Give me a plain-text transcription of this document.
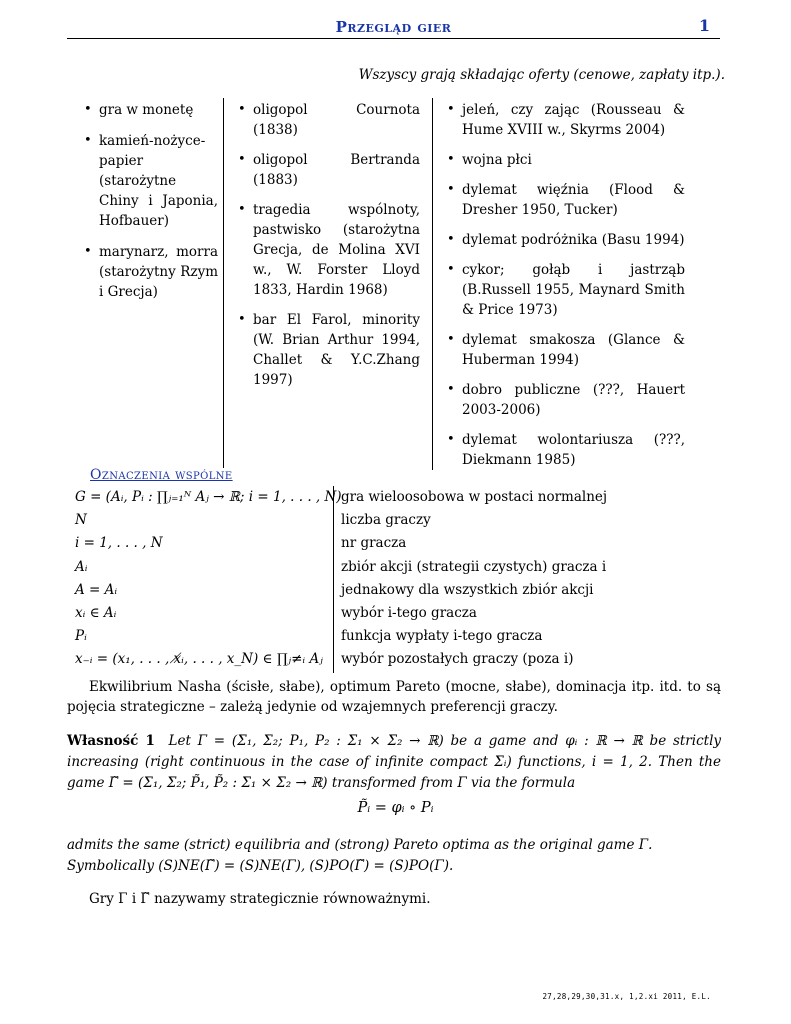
Przegląd gier	1
Wszyscy grają składając oferty (cenowe, zapłaty itp.).
• gra w monetę
• kamień-nożyce-papier (starożytne Chiny i Japonia, Hofbauer)
• marynarz, morra (starożytny Rzym i Grecja)
• oligopol Cournota (1838)
• oligopol Bertranda (1883)
• tragedia wspólnoty, pastwisko (starożytna Grecja, de Molina XVI w., W. Forster Lloyd 1833, Hardin 1968)
• bar El Farol, minority (W. Brian Arthur 1994, Challet & Y.C.Zhang 1997)
• jeleń, czy zając (Rousseau & Hume XVIII w., Skyrms 2004)
• wojna płci
• dylemat więźnia (Flood & Dresher 1950, Tucker)
• dylemat podróżnika (Basu 1994)
• cykor; gołąb i jastrząb (B.Russell 1955, Maynard Smith & Price 1973)
• dylemat smakosza (Glance & Huberman 1994)
• dobro publiczne (???, Hauert 2003-2006)
• dylemat wolontariusza (???, Diekmann 1985)
Oznaczenia wspólne
G = (Aᵢ, Pᵢ : ∏ⱼ₌₁ᴺ Aⱼ → ℝ; i = 1, . . . , N) gra wieloosobowa w postaci normalnej
N	liczba graczy
i = 1, . . . , N	nr gracza
Aᵢ	zbiór akcji (strategii czystych) gracza i
A = Aᵢ	jednakowy dla wszystkich zbiór akcji
xᵢ ∈ Aᵢ	wybór i-tego gracza
Pᵢ	funkcja wypłaty i-tego gracza
x₋ᵢ = (x₁, . . . , x̸ᵢ, . . . , x_N) ∈ ∏ⱼ≠ᵢ Aⱼ wybór pozostałych graczy (poza i)
Ekwilibrium Nasha (ścisłe, słabe), optimum Pareto (mocne, słabe), dominacja itp. itd. to są pojęcia strategiczne – zależą jedynie od wzajemnych preferencji graczy.
Własność 1 Let Γ = (Σ₁, Σ₂; P₁, P₂ : Σ₁ × Σ₂ → ℝ) be a game and φᵢ : ℝ → ℝ be strictly increasing (right continuous in the case of infinite compact Σᵢ) functions, i = 1, 2. Then the game Γ̃ = (Σ₁, Σ₂; P̃₁, P̃₂ : Σ₁ × Σ₂ → ℝ) transformed from Γ via the formula
P̃ᵢ = φᵢ ∘ Pᵢ
admits the same (strict) equilibria and (strong) Pareto optima as the original game Γ.
Symbolically (S)NE(Γ̃) = (S)NE(Γ), (S)PO(Γ̃) = (S)PO(Γ).
Gry Γ i Γ̃ nazywamy strategicznie równoważnymi.
27,28,29,30,31.x, 1,2.xi 2011, E.L.
